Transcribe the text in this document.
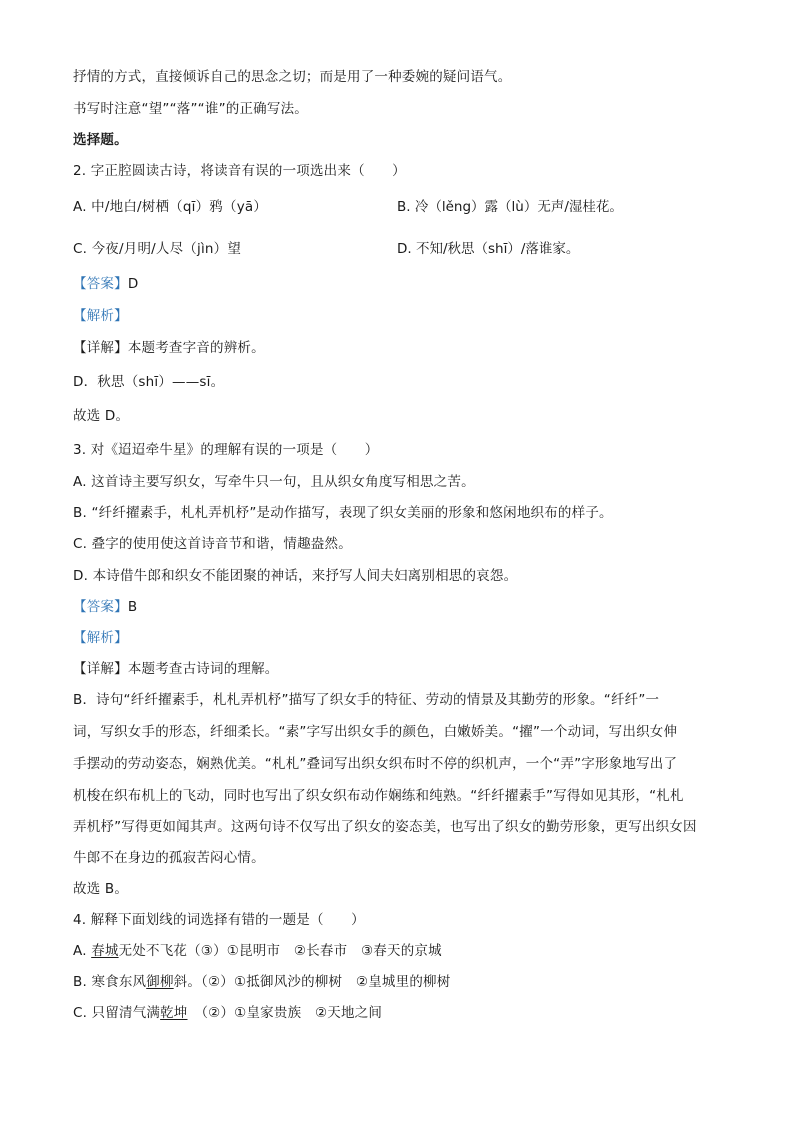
抒情的方式，直接倾诉自己的思念之切；而是用了一种委婉的疑问语气。
书写时注意“望”“落”“谁”的正确写法。
选择题。
2. 字正腔圆读古诗，将读音有误的一项选出来（　　）
A. 中/地白/树栖（qī）鸦（yā）	B. 冷（lěng）露（lù）无声/湿桂花。
C. 今夜/月明/人尽（jìn）望	D. 不知/秋思（shī）/落谁家。
【答案】D
【解析】
【详解】本题考查字音的辨析。
D．秋思（shī）——sī。
故选 D。
3. 对《迢迢牵牛星》的理解有误的一项是（　　）
A. 这首诗主要写织女，写牵牛只一句，且从织女角度写相思之苦。
B. “纤纤擢素手，札札弄机杼”是动作描写，表现了织女美丽的形象和悠闲地织布的样子。
C. 叠字的使用使这首诗音节和谐，情趣盎然。
D. 本诗借牛郎和织女不能团聚的神话，来抒写人间夫妇离别相思的哀怨。
【答案】B
【解析】
【详解】本题考查古诗词的理解。
B．诗句“纤纤擢素手，札札弄机杼”描写了织女手的特征、劳动的情景及其勤劳的形象。“纤纤”一
词，写织女手的形态，纤细柔长。“素”字写出织女手的颜色，白嫩娇美。“擢”一个动词，写出织女伸
手摆动的劳动姿态，娴熟优美。“札札”叠词写出织女织布时不停的织机声，一个“弄”字形象地写出了
机梭在织布机上的飞动，同时也写出了织女织布动作娴练和纯熟。“纤纤擢素手”写得如见其形，“札札
弄机杼”写得更如闻其声。这两句诗不仅写出了织女的姿态美，也写出了织女的勤劳形象，更写出织女因
牛郎不在身边的孤寂苦闷心情。
故选 B。
4. 解释下面划线的词选择有错的一题是（　　）
A. 春城无处不飞花（③）①昆明市　②长春市　③春天的京城
B. 寒食东风御柳斜。（②）①抵御风沙的柳树　②皇城里的柳树
C. 只留清气满乾坤　（②）①皇家贵族　②天地之间
